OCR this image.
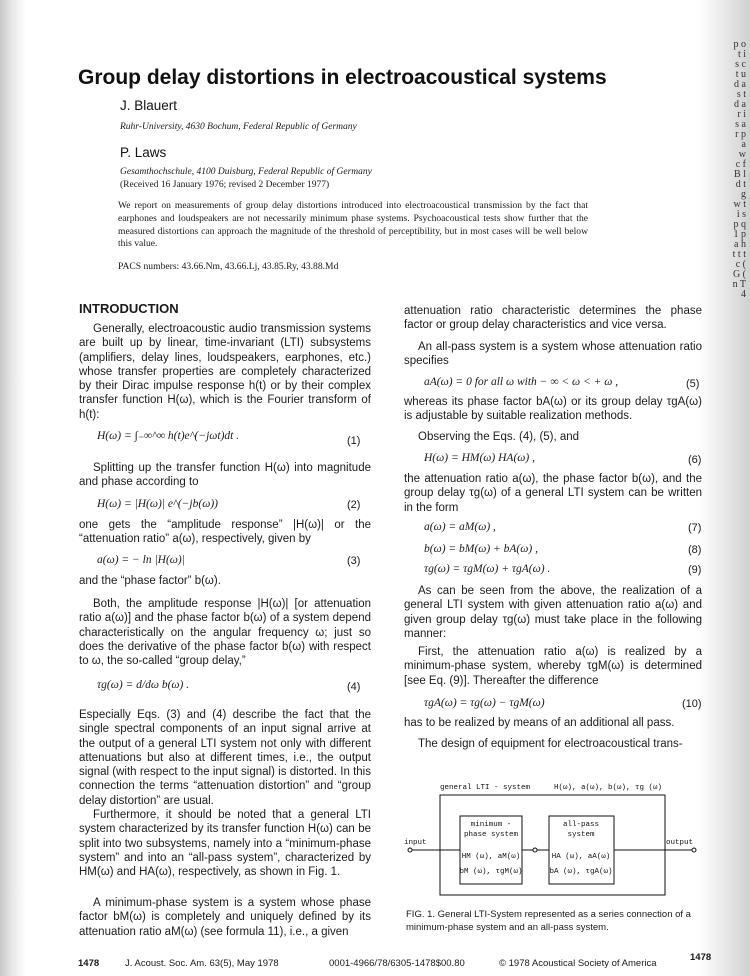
p o t i s c t u d a s t d a r i s a r p a w c f B l d t g w t i s p q 1 p a h t t t c ( G ( n T 4
Group delay distortions in electroacoustical systems
J. Blauert
Ruhr-University, 4630 Bochum, Federal Republic of Germany
P. Laws
Gesamthochschule, 4100 Duisburg, Federal Republic of Germany
(Received 16 January 1976; revised 2 December 1977)
We report on measurements of group delay distortions introduced into electroacoustical transmission by the fact that earphones and loudspeakers are not necessarily minimum phase systems. Psychoacoustical tests show further that the measured distortions can approach the magnitude of the threshold of perceptibility, but in most cases will be well below this value.
PACS numbers: 43.66.Nm, 43.66.Lj, 43.85.Ry, 43.88.Md
INTRODUCTION

Generally, electroacoustic audio transmission systems are built up by linear, time-invariant (LTI) subsystems (amplifiers, delay lines, loudspeakers, earphones, etc.) whose transfer properties are completely characterized by their Dirac impulse response h(t) or by their complex transfer function H(ω), which is the Fourier transform of h(t):

H(ω) = ∫₋∞^∞ h(t)e^(−jωt)dt .	(1)

Splitting up the transfer function H(ω) into magnitude and phase according to

H(ω) = |H(ω)| e^(−jb(ω))	(2)

one gets the “amplitude response” |H(ω)| or the “attenuation ratio” a(ω), respectively, given by

a(ω) = − ln |H(ω)|	(3)

and the “phase factor” b(ω).

Both, the amplitude response |H(ω)| [or attenuation ratio a(ω)] and the phase factor b(ω) of a system depend characteristically on the angular frequency ω; just so does the derivative of the phase factor b(ω) with respect to ω, the so-called “group delay,”

τg(ω) = d/dω b(ω) .	(4)

Especially Eqs. (3) and (4) describe the fact that the single spectral components of an input signal arrive at the output of a general LTI system not only with different attenuations but also at different times, i.e., the output signal (with respect to the input signal) is distorted. In this connection the terms “attenuation distortion” and “group delay distortion” are usual.

Furthermore, it should be noted that a general LTI system characterized by its transfer function H(ω) can be split into two subsystems, namely into a “minimum-phase system” and into an “all-pass system”, characterized by HM(ω) and HA(ω), respectively, as shown in Fig. 1.

A minimum-phase system is a system whose phase factor bM(ω) is completely and uniquely defined by its attenuation ratio aM(ω) (see formula 11), i.e., a given

attenuation ratio characteristic determines the phase factor or group delay characteristics and vice versa.

An all-pass system is a system whose attenuation ratio specifies

aA(ω) = 0 for all ω with − ∞ < ω < + ω ,	(5)

whereas its phase factor bA(ω) or its group delay τgA(ω) is adjustable by suitable realization methods.

Observing the Eqs. (4), (5), and

H(ω) = HM(ω) HA(ω) ,	(6)

the attenuation ratio a(ω), the phase factor b(ω), and the group delay τg(ω) of a general LTI system can be written in the form

a(ω) = aM(ω) ,	(7)
b(ω) = bM(ω) + bA(ω) ,	(8)
τg(ω) = τgM(ω) + τgA(ω) .	(9)

As can be seen from the above, the realization of a general LTI system with given attenuation ratio a(ω) and given group delay τg(ω) must take place in the following manner:

First, the attenuation ratio a(ω) is realized by a minimum-phase system, whereby τgM(ω) is determined [see Eq. (9)]. Thereafter the difference

τgA(ω) = τg(ω) − τgM(ω)	(10)

has to be realized by means of an additional all pass.

The design of equipment for electroacoustical trans-

general LTI - system	H(ω), a(ω), b(ω), τg (ω)
minimum -
phase system
HM (ω), aM(ω)
bM (ω), τgM(ω)
all-pass
system
HA (ω), aA(ω)
bA (ω), τgA(ω)
input	output
FIG. 1. General LTI-System represented as a series connection of a minimum-phase system and an all-pass system.
1478	J. Acoust. Soc. Am. 63(5), May 1978	0001-4966/78/6305-1478$00.80	© 1978 Acoustical Society of America
1478
